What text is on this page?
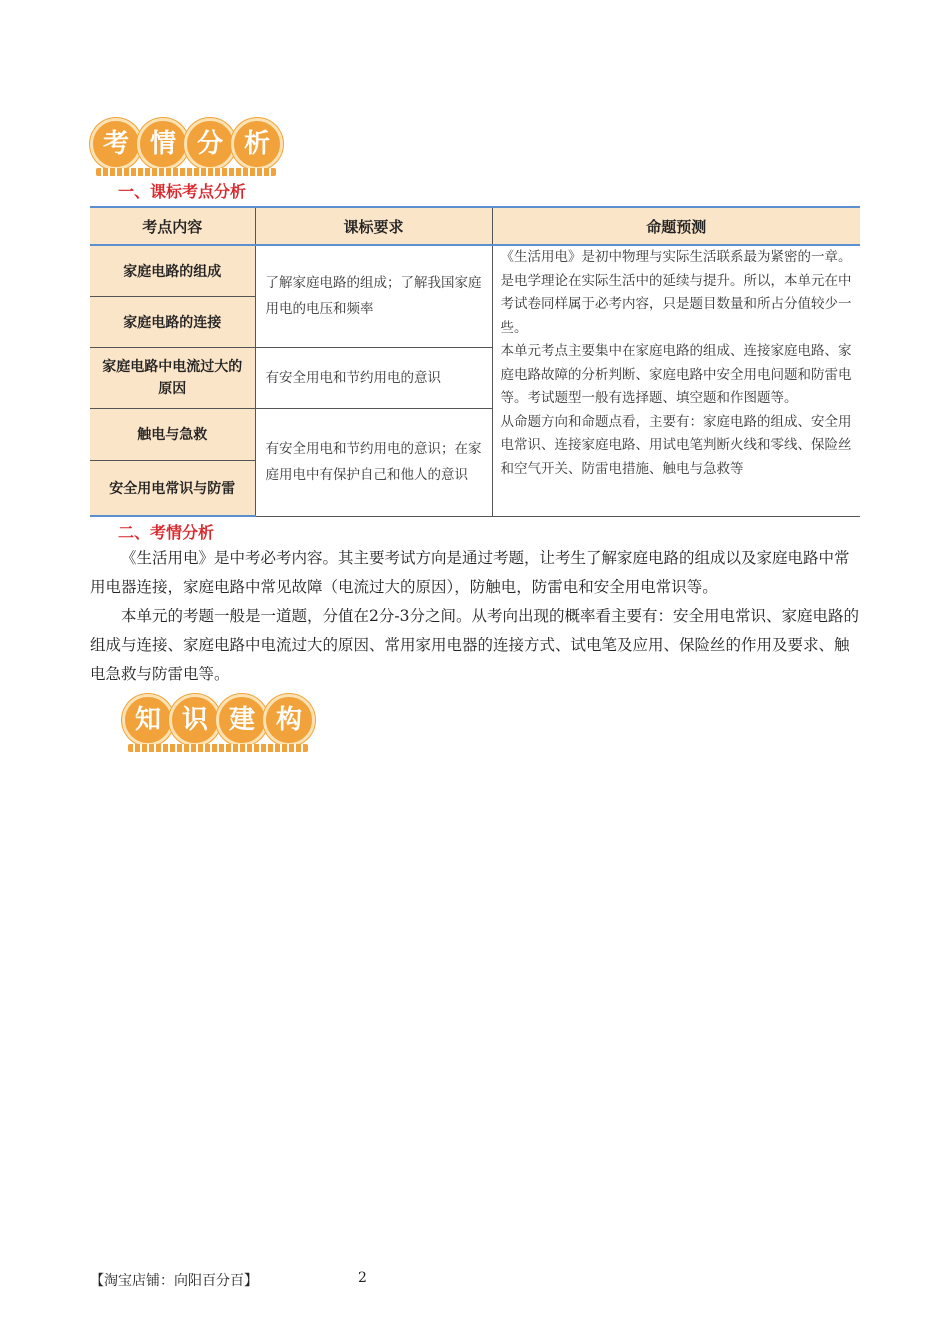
考 情 分 析
一、课标考点分析
考点内容	课标要求	命题预测
家庭电路的组成	了解家庭电路的组成；了解我国家庭用电的电压和频率	《生活用电》是初中物理与实际生活联系最为紧密的一章。是电学理论在实际生活中的延续与提升。所以，本单元在中考试卷同样属于必考内容，只是题目数量和所占分值较少一些。
本单元考点主要集中在家庭电路的组成、连接家庭电路、家庭电路故障的分析判断、家庭电路中安全用电问题和防雷电等。考试题型一般有选择题、填空题和作图题等。
从命题方向和命题点看，主要有：家庭电路的组成、安全用电常识、连接家庭电路、用试电笔判断火线和零线、保险丝和空气开关、防雷电措施、触电与急救等

家庭电路的连接		
家庭电路中电流过大的原因	有安全用电和节约用电的意识	
触电与急救	有安全用电和节约用电的意识；在家庭用电中有保护自己和他人的意识	
安全用电常识与防雷		
二、考情分析

《生活用电》是中考必考内容。其主要考试方向是通过考题，让考生了解家庭电路的组成以及家庭电路中常用电器连接，家庭电路中常见故障（电流过大的原因），防触电，防雷电和安全用电常识等。

本单元的考题一般是一道题，分值在2分-3分之间。从考向出现的概率看主要有：安全用电常识、家庭电路的组成与连接、家庭电路中电流过大的原因、常用家用电器的连接方式、试电笔及应用、保险丝的作用及要求、触电急救与防雷电等。

知 识 建 构
【淘宝店铺：向阳百分百】	2
